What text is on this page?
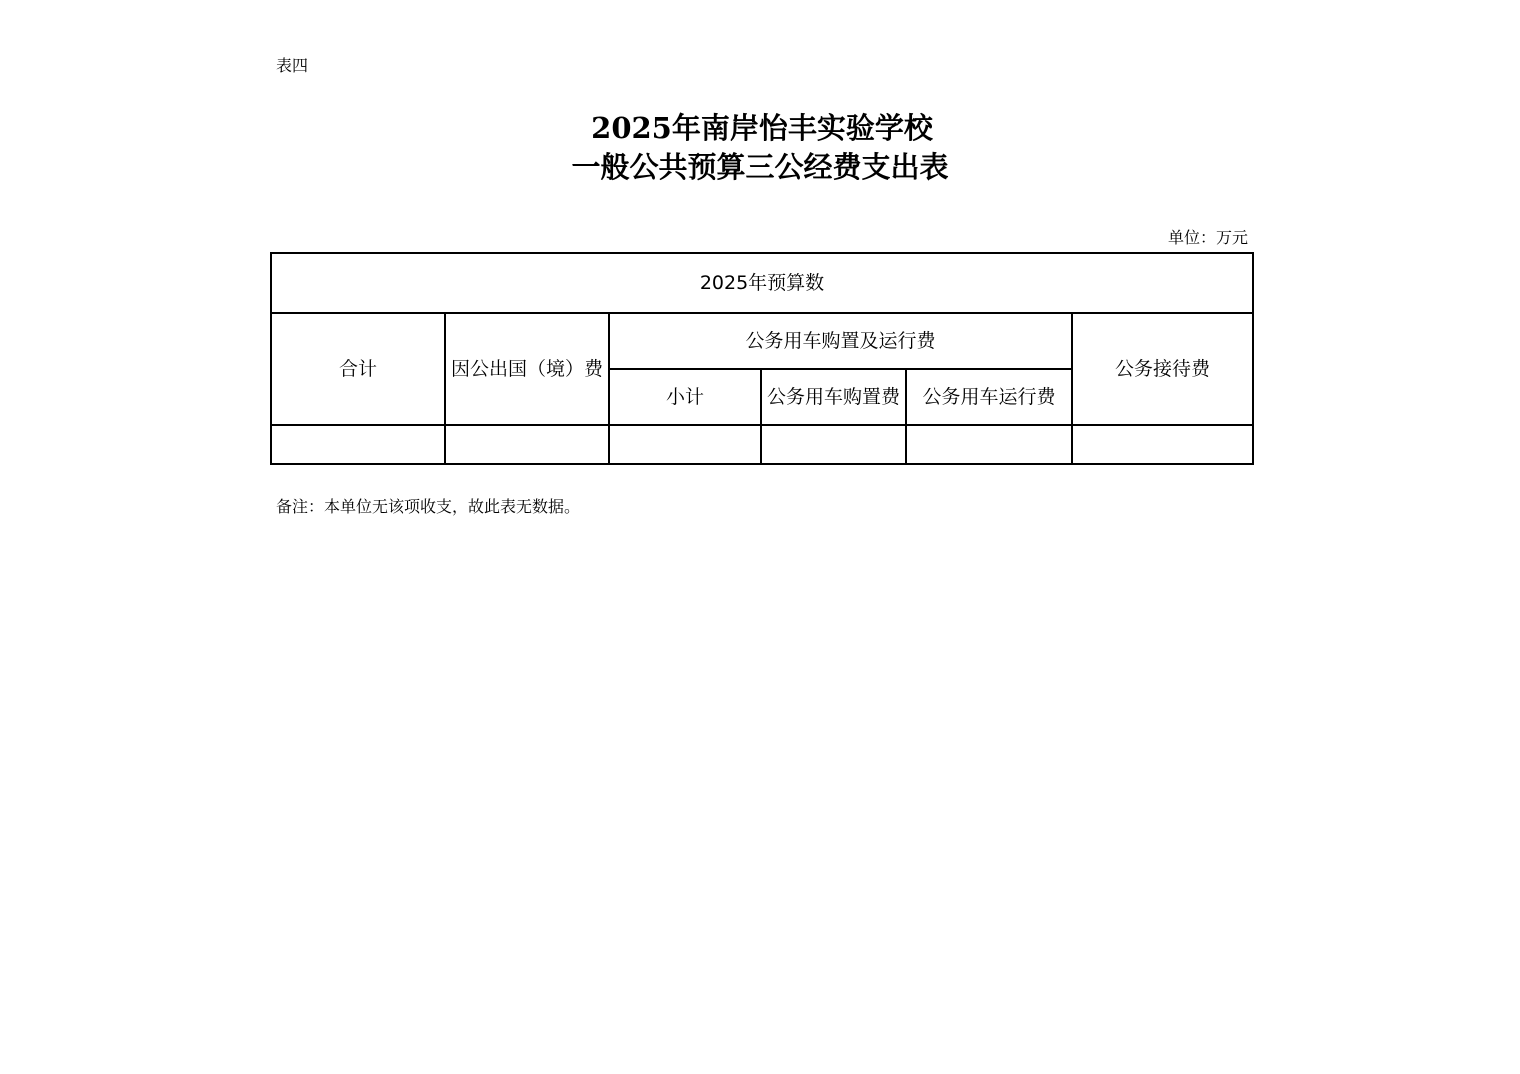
表四
2025年南岸怡丰实验学校
一般公共预算三公经费支出表
单位：万元
2025年预算数					
合计	因公出国（境）费	公务用车购置及运行费			公务接待费
		小计	公务用车购置费	公务用车运行费	

备注：本单位无该项收支，故此表无数据。
